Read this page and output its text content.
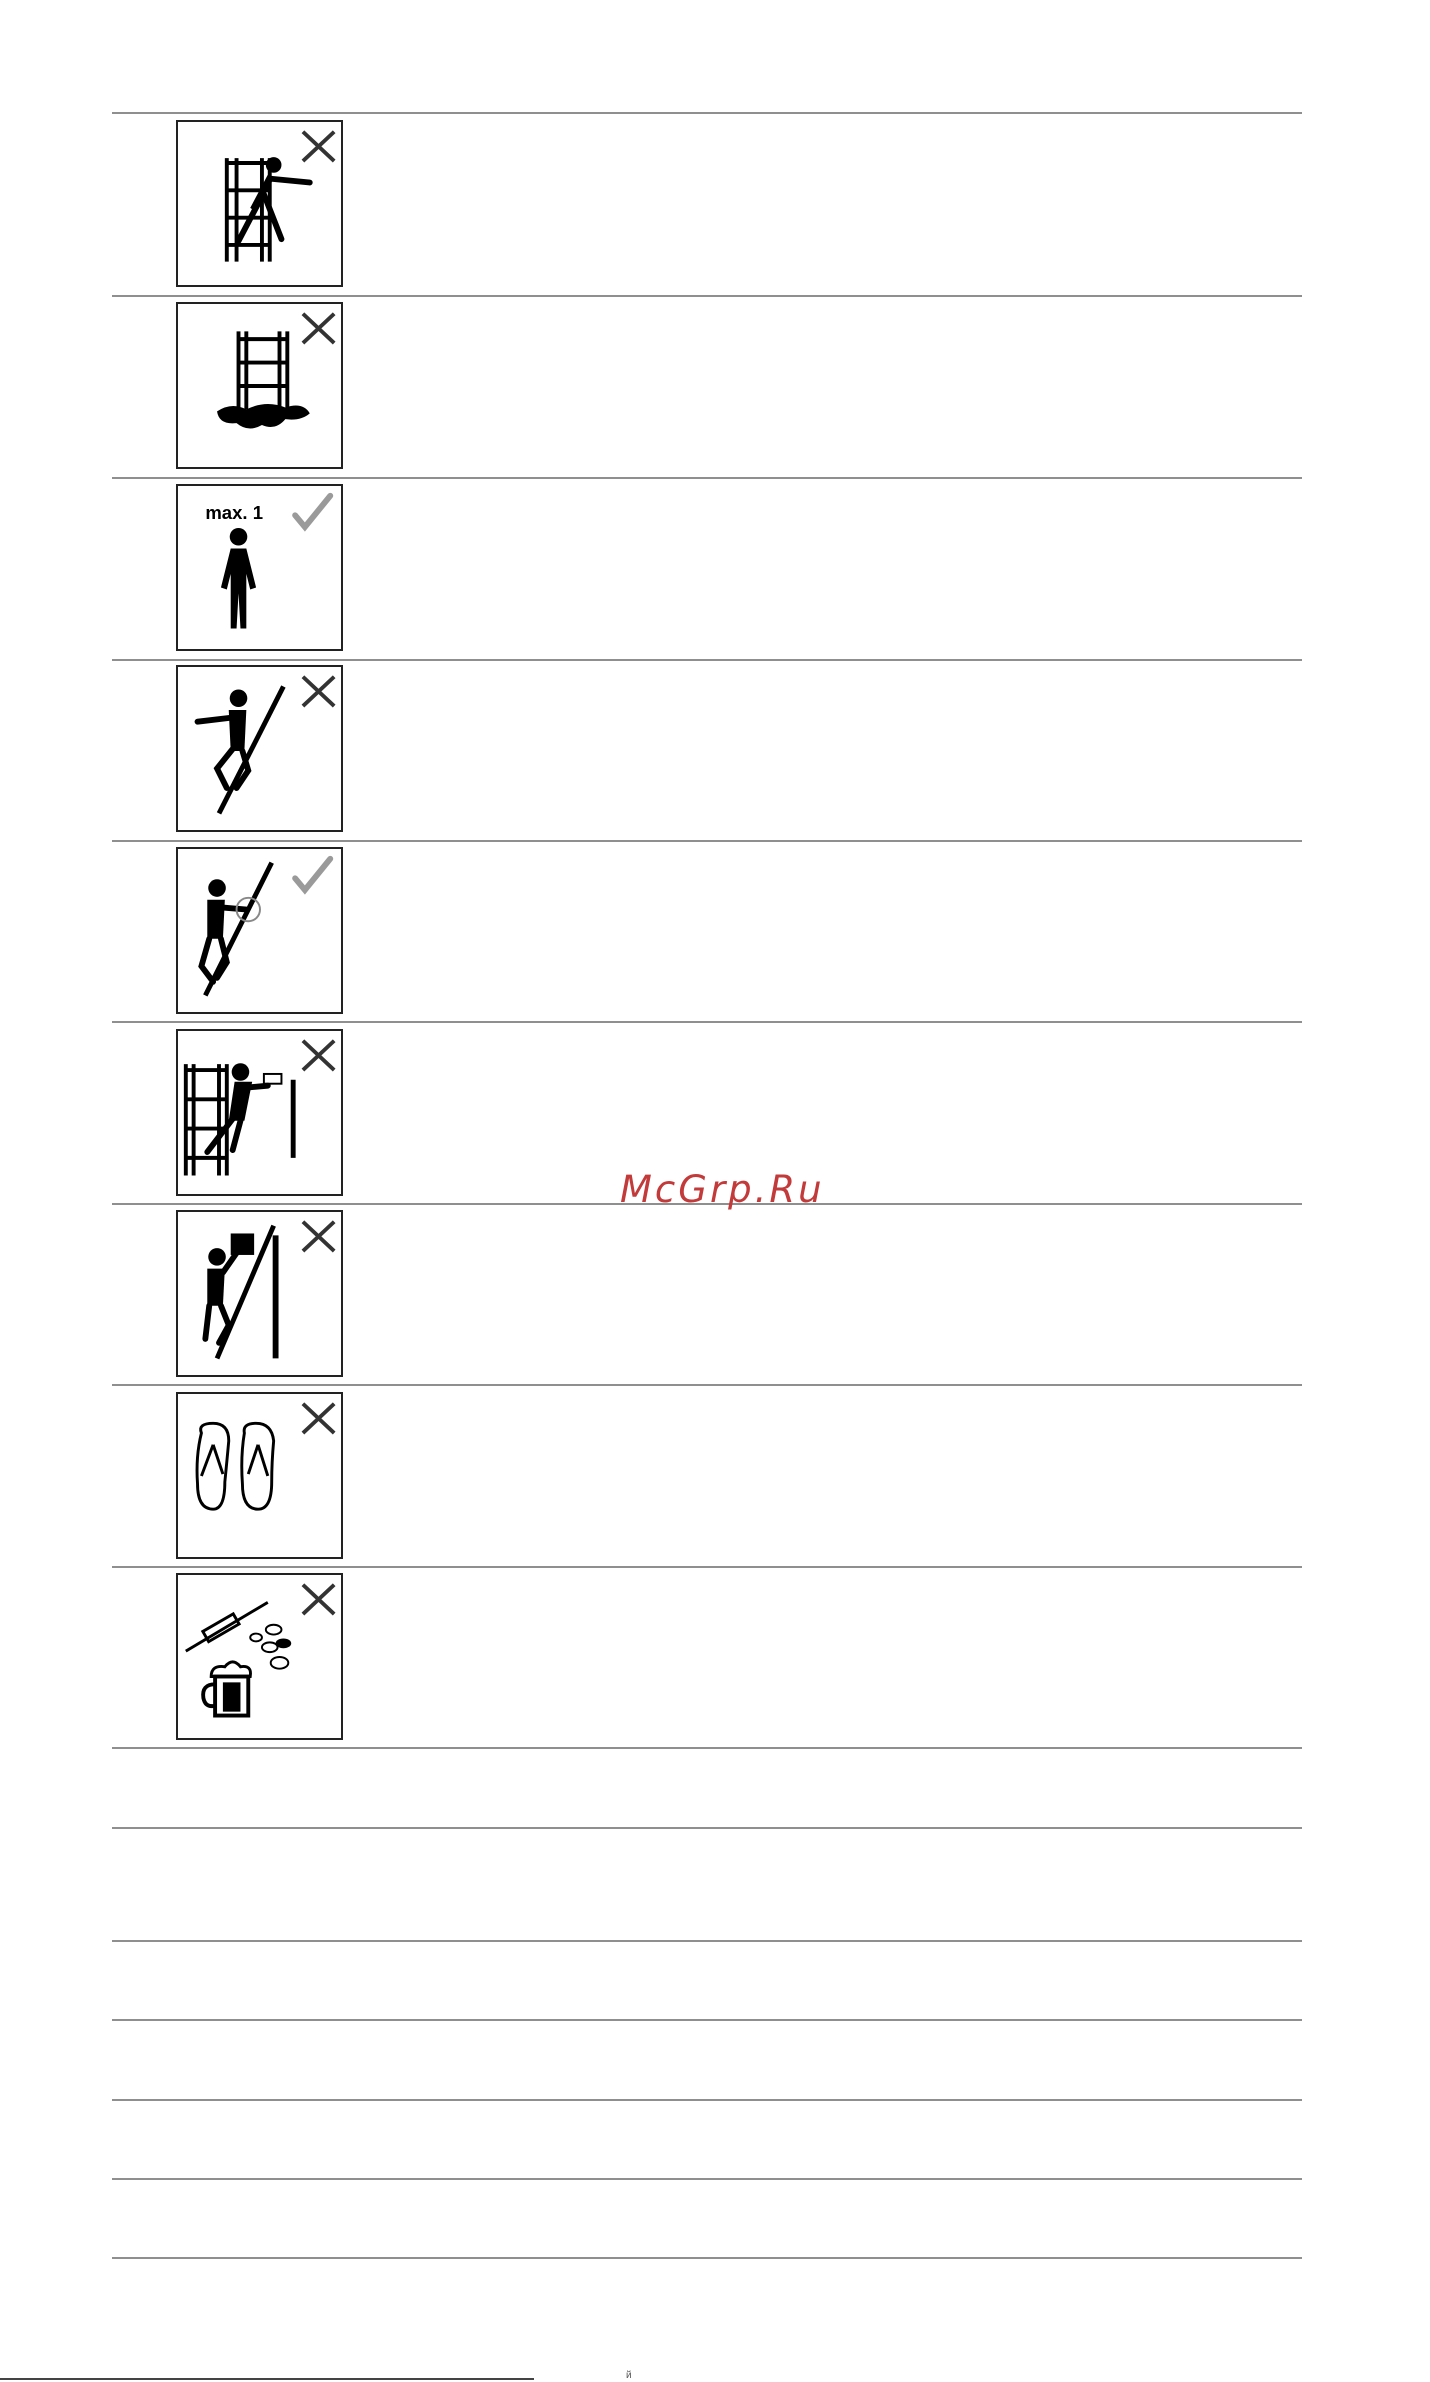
max. 1
McGrp.Ru
й
